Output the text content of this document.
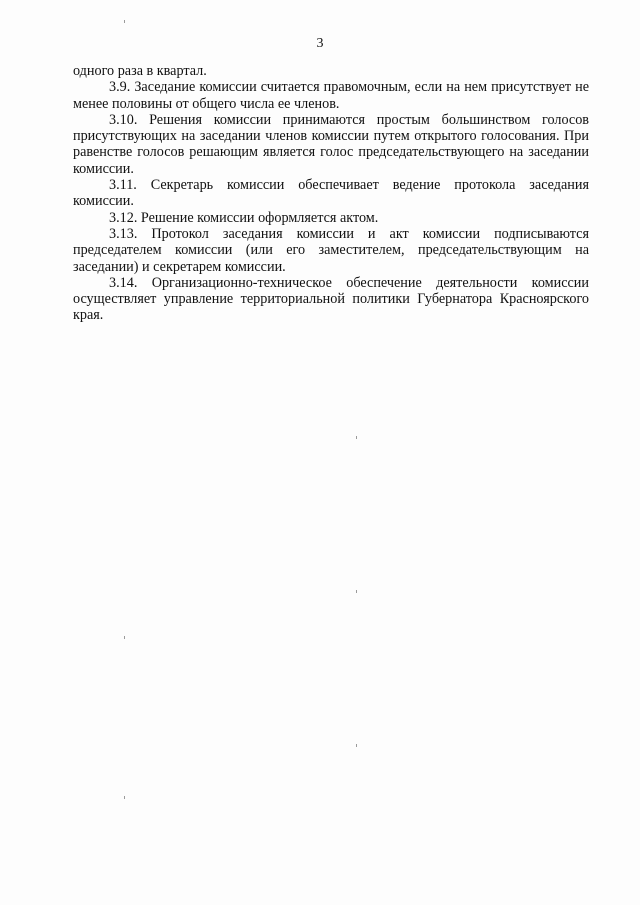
3

одного раза в квартал.

3.9. Заседание комиссии считается правомочным, если на нем присутствует не менее половины от общего числа ее членов.

3.10. Решения комиссии принимаются простым большинством голосов присутствующих на заседании членов комиссии путем открытого голосования. При равенстве голосов решающим является голос председательствующего на заседании комиссии.

3.11. Секретарь комиссии обеспечивает ведение протокола заседания комиссии.

3.12. Решение комиссии оформляется актом.

3.13. Протокол заседания комиссии и акт комиссии подписываются председателем комиссии (или его заместителем, председательствующим на заседании) и секретарем комиссии.

3.14. Организационно-техническое обеспечение деятельности комиссии осуществляет управление территориальной политики Губернатора Красноярского края.
